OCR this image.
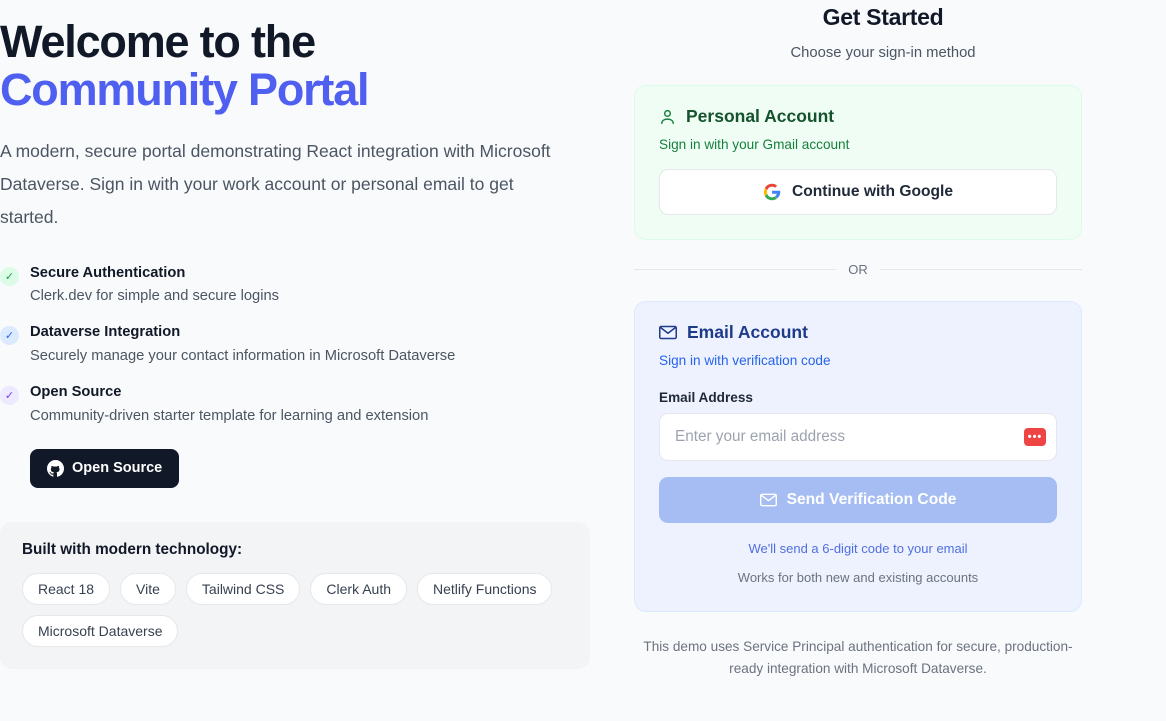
Welcome to the
Community Portal

A modern, secure portal demonstrating React integration with Microsoft Dataverse. Sign in with your work account or personal email to get started.

✓	Secure Authentication
Clerk.dev for simple and secure logins
✓	Dataverse Integration
Securely manage your contact information in Microsoft Dataverse
✓	Open Source
Community-driven starter template for learning and extension
Open Source

Built with modern technology:

React 18	Vite	Tailwind CSS	Clerk Auth	Netlify Functions
Microsoft Dataverse
Get Started

Choose your sign-in method

Personal Account

Sign in with your Gmail account

Continue with Google
OR
Email Account

Sign in with verification code

Email Address

Enter your email address
•••
Send Verification Code

We'll send a 6-digit code to your email

Works for both new and existing accounts

This demo uses Service Principal authentication for secure, production-ready integration with Microsoft Dataverse.
